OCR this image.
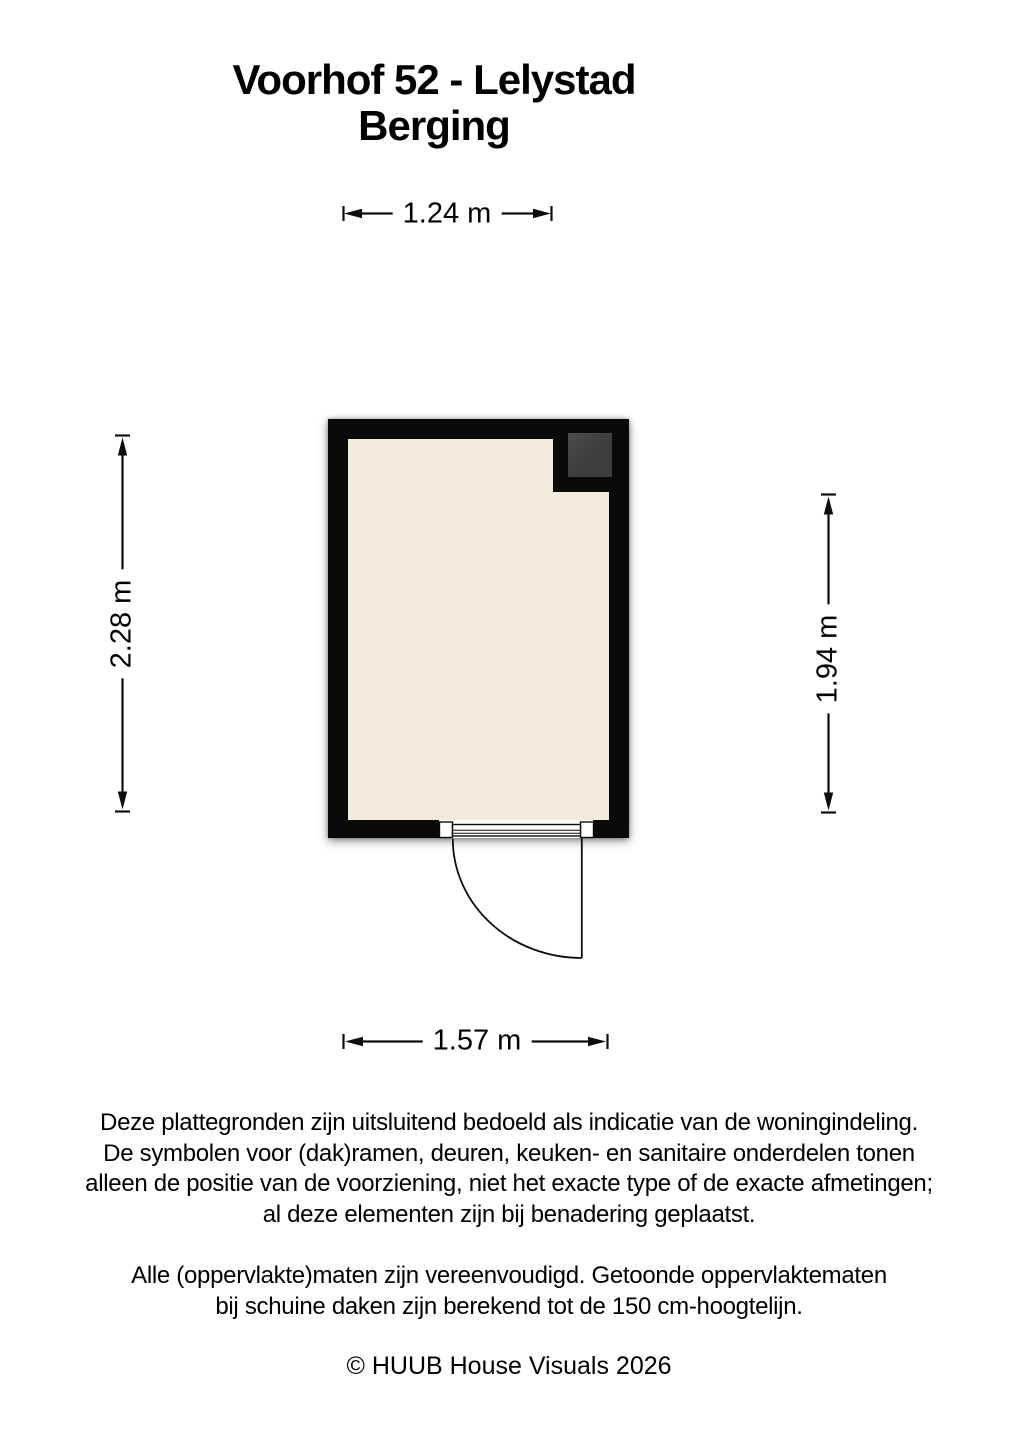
Voorhof 52 - Lelystad
Berging
1.24 m
1.57 m
2.28 m	1.94 m
Deze plattegronden zijn uitsluitend bedoeld als indicatie van de woningindeling.
De symbolen voor (dak)ramen, deuren, keuken- en sanitaire onderdelen tonen
alleen de positie van de voorziening, niet het exacte type of de exacte afmetingen;
al deze elementen zijn bij benadering geplaatst.
Alle (oppervlakte)maten zijn vereenvoudigd. Getoonde oppervlaktematen
bij schuine daken zijn berekend tot de 150 cm-hoogtelijn.
© HUUB House Visuals 2026
